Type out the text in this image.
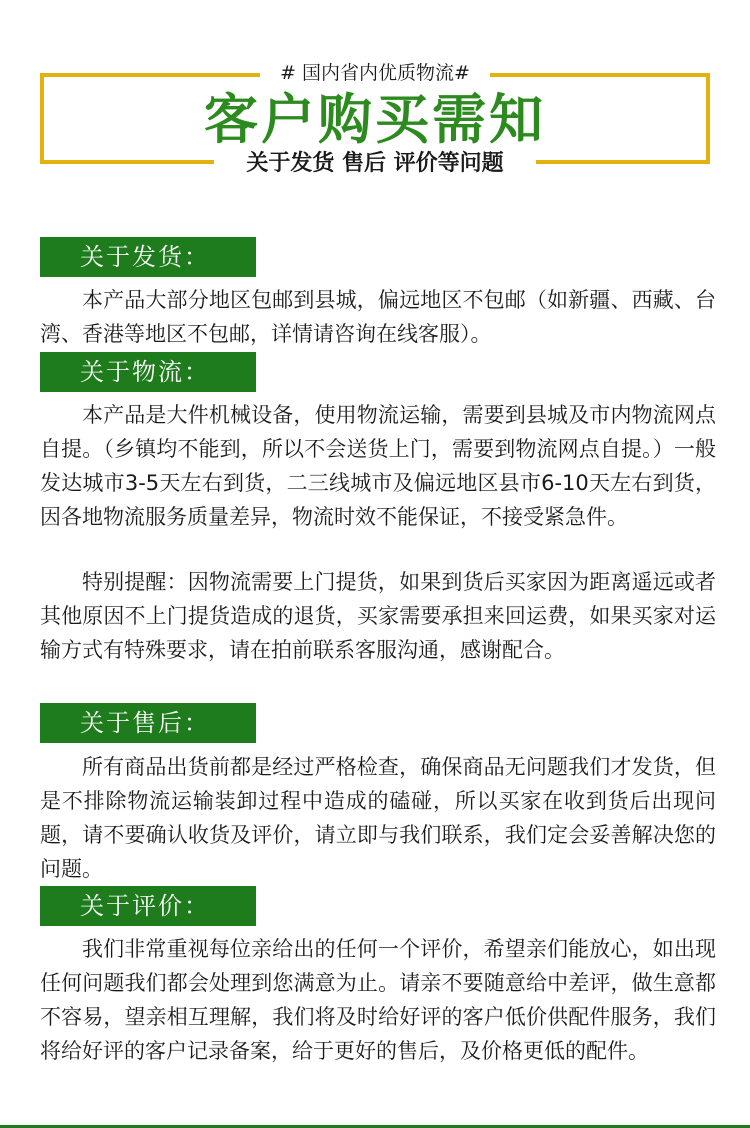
# 国内省内优质物流#
客户购买需知
关于发货 售后 评价等问题
关于发货：

本产品大部分地区包邮到县城，偏远地区不包邮（如新疆、西藏、台湾、香港等地区不包邮，详情请咨询在线客服）。

关于物流：

本产品是大件机械设备，使用物流运输，需要到县城及市内物流网点自提。（乡镇均不能到，所以不会送货上门，需要到物流网点自提。）一般发达城市3-5天左右到货，二三线城市及偏远地区县市6-10天左右到货，因各地物流服务质量差异，物流时效不能保证，不接受紧急件。

特别提醒：因物流需要上门提货，如果到货后买家因为距离遥远或者其他原因不上门提货造成的退货，买家需要承担来回运费，如果买家对运输方式有特殊要求，请在拍前联系客服沟通，感谢配合。

关于售后：

所有商品出货前都是经过严格检查，确保商品无问题我们才发货，但是不排除物流运输装卸过程中造成的磕碰，所以买家在收到货后出现问题，请不要确认收货及评价，请立即与我们联系，我们定会妥善解决您的问题。

关于评价：

我们非常重视每位亲给出的任何一个评价，希望亲们能放心，如出现任何问题我们都会处理到您满意为止。请亲不要随意给中差评，做生意都不容易，望亲相互理解，我们将及时给好评的客户低价供配件服务，我们将给好评的客户记录备案，给于更好的售后，及价格更低的配件。
